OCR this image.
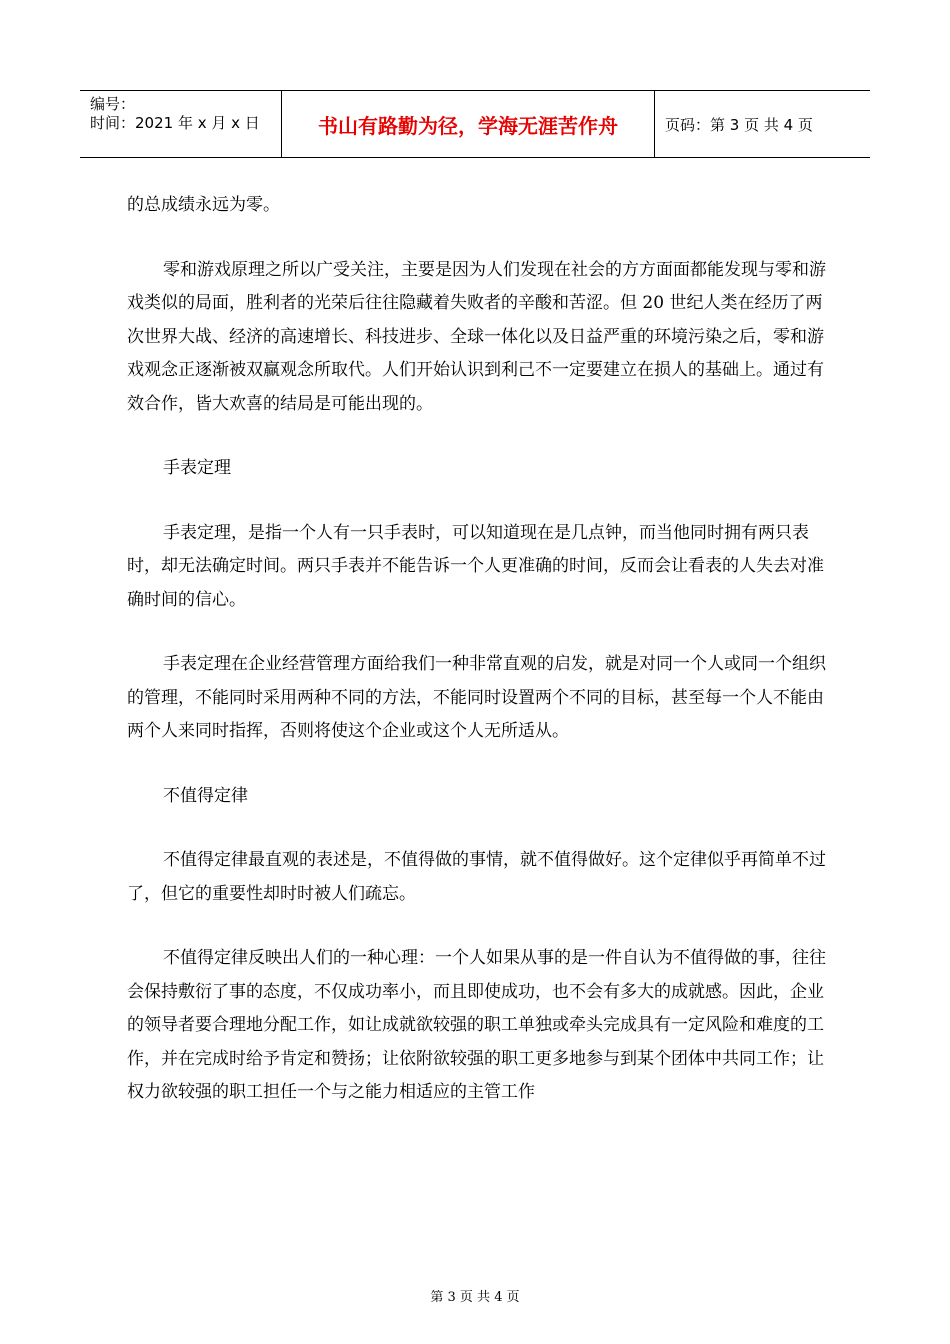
编号：
时间：2021 年 x 月 x 日	书山有路勤为径，学海无涯苦作舟	页码：第 3 页 共 4 页

的总成绩永远为零。

零和游戏原理之所以广受关注，主要是因为人们发现在社会的方方面面都能发现与零和游戏类似的局面，胜利者的光荣后往往隐藏着失败者的辛酸和苦涩。但 20 世纪人类在经历了两次世界大战、经济的高速增长、科技进步、全球一体化以及日益严重的环境污染之后，零和游戏观念正逐渐被双赢观念所取代。人们开始认识到利己不一定要建立在损人的基础上。通过有效合作，皆大欢喜的结局是可能出现的。

手表定理

手表定理，是指一个人有一只手表时，可以知道现在是几点钟，而当他同时拥有两只表时，却无法确定时间。两只手表并不能告诉一个人更准确的时间，反而会让看表的人失去对准确时间的信心。

手表定理在企业经营管理方面给我们一种非常直观的启发，就是对同一个人或同一个组织的管理，不能同时采用两种不同的方法，不能同时设置两个不同的目标，甚至每一个人不能由两个人来同时指挥，否则将使这个企业或这个人无所适从。

不值得定律

不值得定律最直观的表述是，不值得做的事情，就不值得做好。这个定律似乎再简单不过了，但它的重要性却时时被人们疏忘。

不值得定律反映出人们的一种心理：一个人如果从事的是一件自认为不值得做的事，往往会保持敷衍了事的态度，不仅成功率小，而且即使成功，也不会有多大的成就感。因此，企业的领导者要合理地分配工作，如让成就欲较强的职工单独或牵头完成具有一定风险和难度的工作，并在完成时给予肯定和赞扬；让依附欲较强的职工更多地参与到某个团体中共同工作；让权力欲较强的职工担任一个与之能力相适应的主管工作

第 3 页 共 4 页
